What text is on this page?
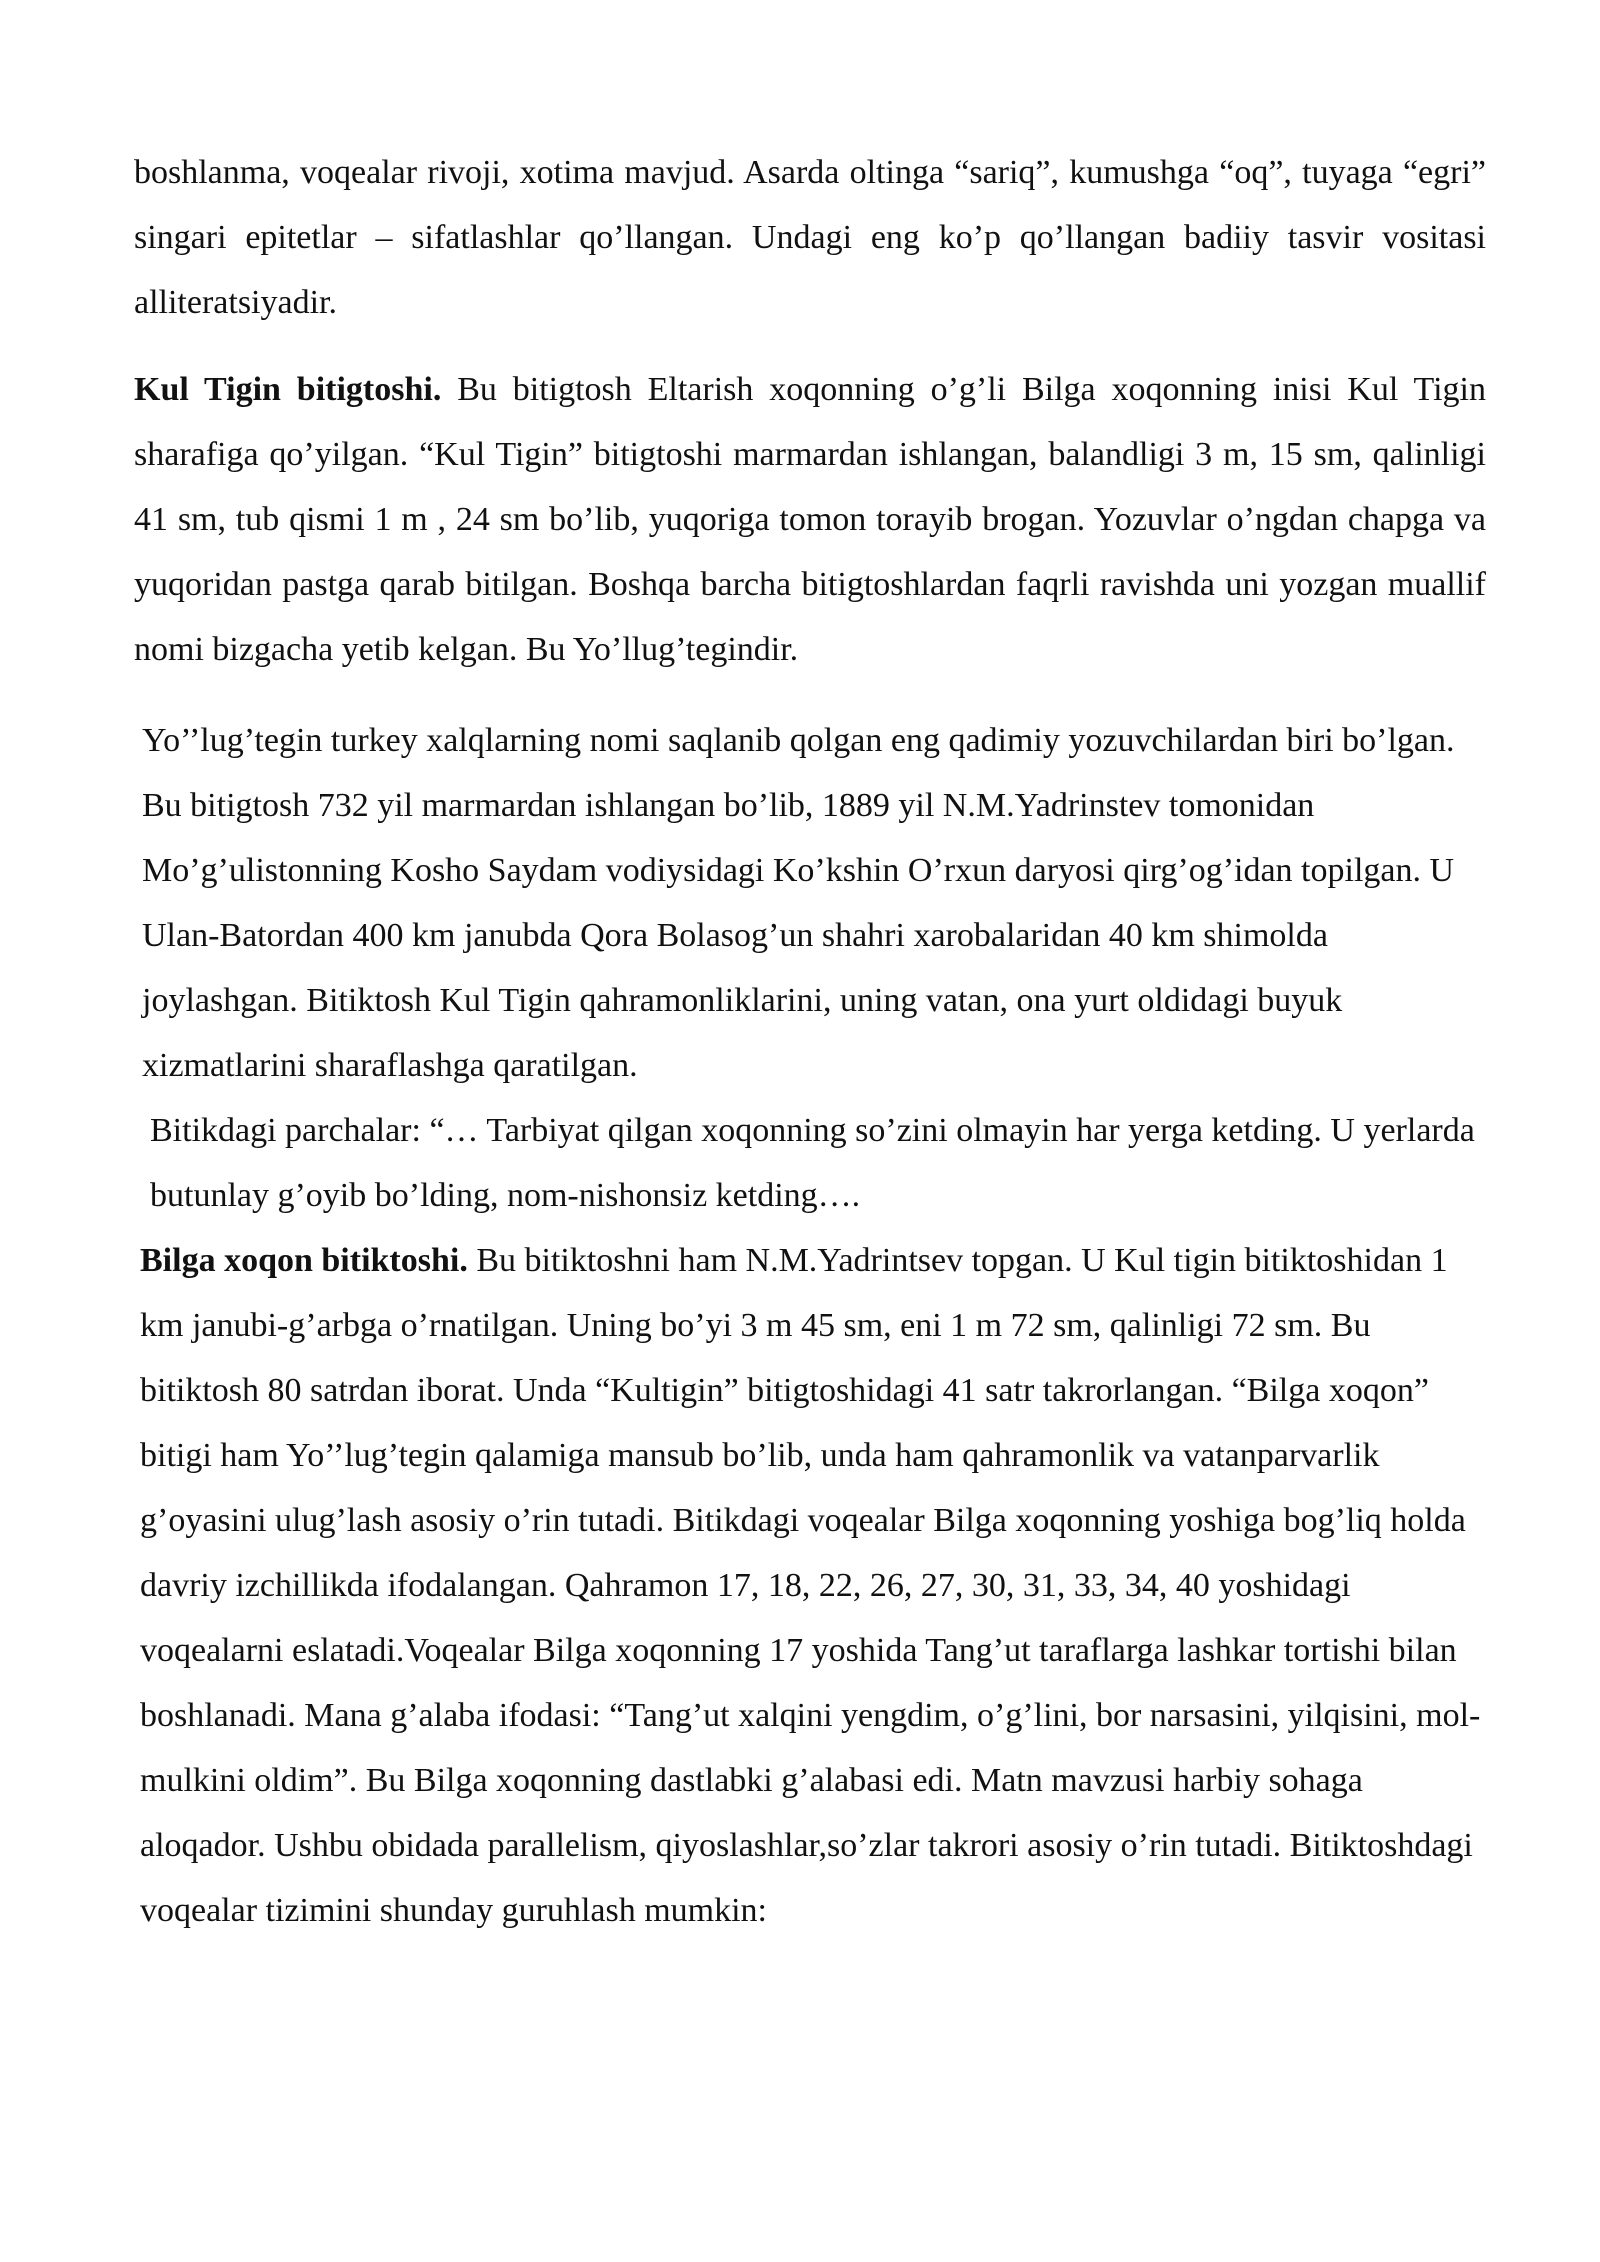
boshlanma, voqealar rivoji, xotima mavjud. Asarda oltinga “sariq”, kumushga “oq”, tuyaga “egri” singari epitetlar – sifatlashlar qo’llangan. Undagi eng ko’p qo’llangan badiiy tasvir vositasi alliteratsiyadir.

Kul Tigin bitigtoshi. Bu bitigtosh Eltarish xoqonning o’g’li Bilga xoqonning inisi Kul Tigin sharafiga qo’yilgan. “Kul Tigin” bitigtoshi marmardan ishlangan, balandligi 3 m, 15 sm, qalinligi 41 sm, tub qismi 1 m , 24 sm bo’lib, yuqoriga tomon torayib brogan. Yozuvlar o’ngdan chapga va yuqoridan pastga qarab bitilgan. Boshqa barcha bitigtoshlardan faqrli ravishda uni yozgan muallif nomi bizgacha yetib kelgan. Bu Yo’llug’tegindir.

Yo’’lug’tegin turkey xalqlarning nomi saqlanib qolgan eng qadimiy yozuvchilardan biri bo’lgan. Bu bitigtosh 732 yil marmardan ishlangan bo’lib, 1889 yil N.M.Yadrinstev tomonidan Mo’g’ulistonning Kosho Saydam vodiysidagi Ko’kshin O’rxun daryosi qirg’og’idan topilgan. U Ulan-Batordan 400 km janubda Qora Bolasog’un shahri xarobalaridan 40 km shimolda joylashgan. Bitiktosh Kul Tigin qahramonliklarini, uning vatan, ona yurt oldidagi buyuk xizmatlarini sharaflashga qaratilgan.

Bitikdagi parchalar: “… Tarbiyat qilgan xoqonning so’zini olmayin har yerga ketding. U yerlarda butunlay g’oyib bo’lding, nom-nishonsiz ketding….

Bilga xoqon bitiktoshi. Bu bitiktoshni ham N.M.Yadrintsev topgan. U Kul tigin bitiktoshidan 1 km janubi-g’arbga o’rnatilgan. Uning bo’yi 3 m 45 sm, eni 1 m 72 sm, qalinligi 72 sm. Bu bitiktosh 80 satrdan iborat. Unda “Kultigin” bitigtoshidagi 41 satr takrorlangan. “Bilga xoqon” bitigi ham Yo’’lug’tegin qalamiga mansub bo’lib, unda ham qahramonlik va vatanparvarlik g’oyasini ulug’lash asosiy o’rin tutadi. Bitikdagi voqealar Bilga xoqonning yoshiga bog’liq holda davriy izchillikda ifodalangan. Qahramon 17, 18, 22, 26, 27, 30, 31, 33, 34, 40 yoshidagi voqealarni eslatadi.Voqealar Bilga xoqonning 17 yoshida Tang’ut taraflarga lashkar tortishi bilan boshlanadi. Mana g’alaba ifodasi: “Tang’ut xalqini yengdim, o’g’lini, bor narsasini, yilqisini, mol-mulkini oldim”. Bu Bilga xoqonning dastlabki g’alabasi edi. Matn mavzusi harbiy sohaga aloqador. Ushbu obidada parallelism, qiyoslashlar,so’zlar takrori asosiy o’rin tutadi. Bitiktoshdagi voqealar tizimini shunday guruhlash mumkin:
